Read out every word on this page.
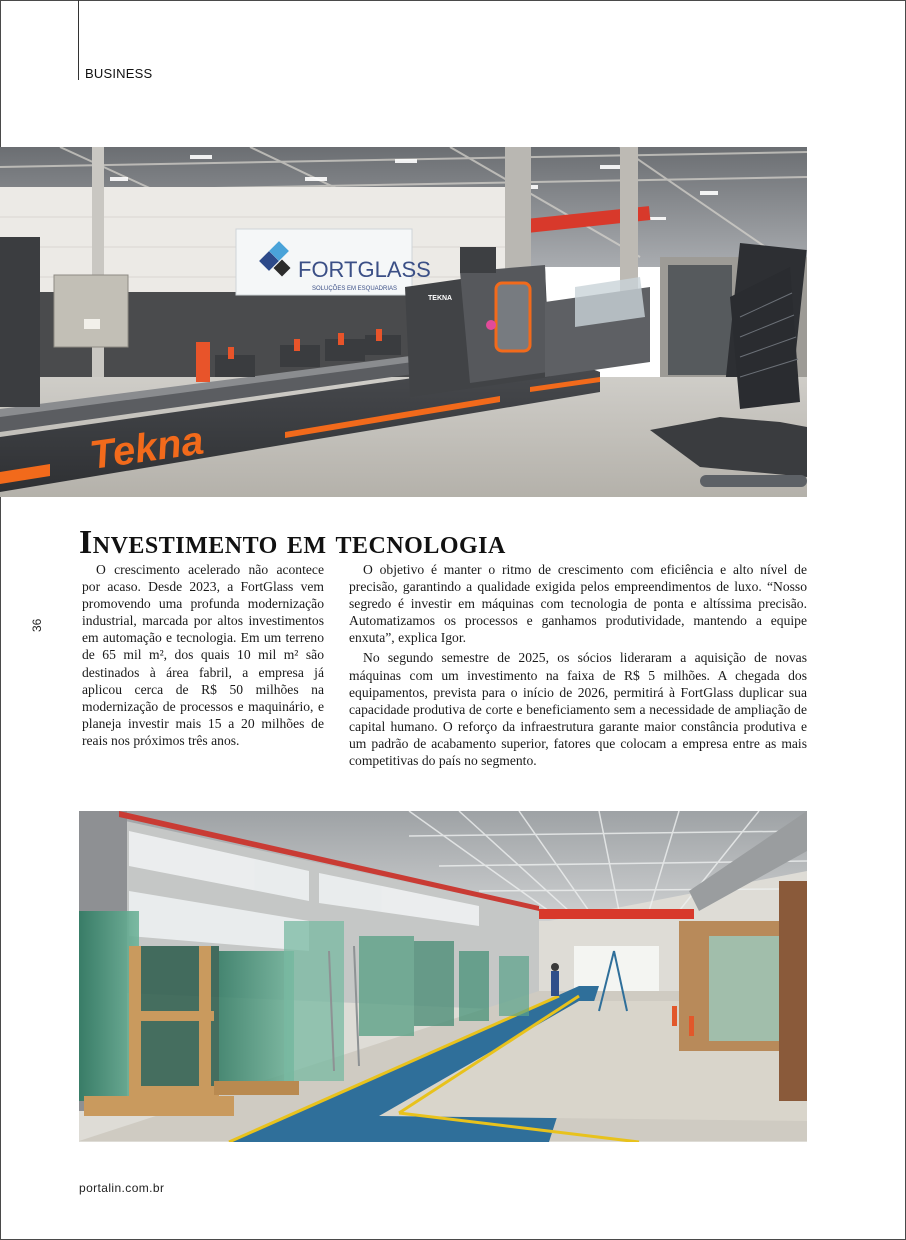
BUSINESS
FORTGLASS
SOLUÇÕES EM ESQUADRIAS
Tekna
TEKNA
Investimento em tecnologia
36

O crescimento acelerado não acontece por acaso. Desde 2023, a FortGlass vem promovendo uma profunda modernização industrial, marcada por altos investimentos em automação e tecnologia. Em um terreno de 65 mil m², dos quais 10 mil m² são destinados à área fabril, a empresa já aplicou cerca de R$ 50 milhões na modernização de processos e maquinário, e planeja investir mais 15 a 20 milhões de reais nos próximos três anos.

O objetivo é manter o ritmo de crescimento com eficiência e alto nível de precisão, garantindo a qualidade exigida pelos empreendimentos de luxo. “Nosso segredo é investir em máquinas com tecnologia de ponta e altíssima precisão. Automatizamos os processos e ganhamos produtividade, mantendo a equipe enxuta”, explica Igor.

No segundo semestre de 2025, os sócios lideraram a aquisição de novas máquinas com um investimento na faixa de R$ 5 milhões. A chegada dos equipamentos, prevista para o início de 2026, permitirá à FortGlass duplicar sua capacidade produtiva de corte e beneficiamento sem a necessidade de ampliação de capital humano. O reforço da infraestrutura garante maior constância produtiva e um padrão de acabamento superior, fatores que colocam a empresa entre as mais competitivas do país no segmento.

portalin.com.br
